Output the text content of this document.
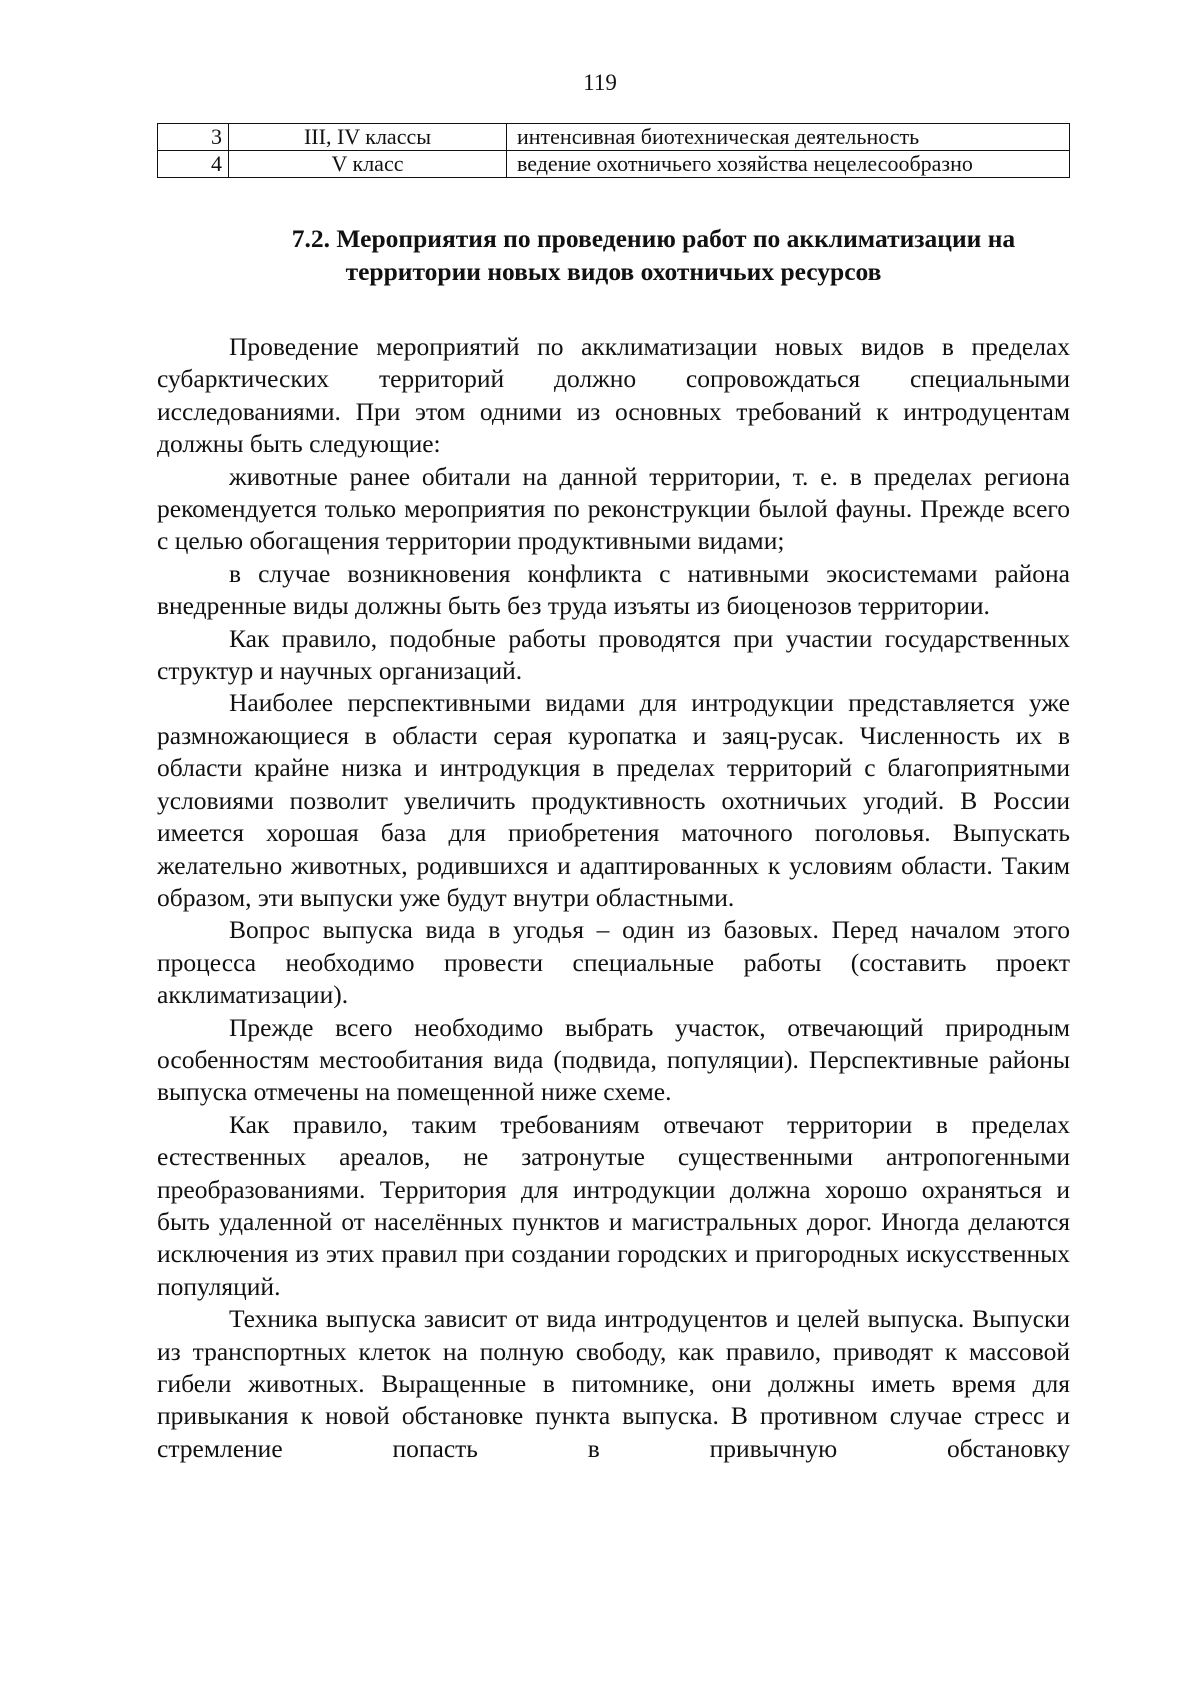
119
3	III, IV классы	интенсивная биотехническая деятельность
4	V класс	ведение охотничьего хозяйства нецелесообразно
7.2. Мероприятия по проведению работ по акклиматизации на
территории новых видов охотничьих ресурсов

Проведение мероприятий по акклиматизации новых видов в пределах субарктических территорий должно сопровождаться специальными исследованиями. При этом одними из основных требований к интродуцентам должны быть следующие:

животные ранее обитали на данной территории, т. е. в пределах региона рекомендуется только мероприятия по реконструкции былой фауны. Прежде всего с целью обогащения территории продуктивными видами;

в случае возникновения конфликта с нативными экосистемами района внедренные виды должны быть без труда изъяты из биоценозов территории.

Как правило, подобные работы проводятся при участии государственных структур и научных организаций.

Наиболее перспективными видами для интродукции представляется уже размножающиеся в области серая куропатка и заяц-русак. Численность их в области крайне низка и интродукция в пределах территорий с благоприятными условиями позволит увеличить продуктивность охотничьих угодий. В России имеется хорошая база для приобретения маточного поголовья. Выпускать желательно животных, родившихся и адаптированных к условиям области. Таким образом, эти выпуски уже будут внутри областными.

Вопрос выпуска вида в угодья – один из базовых. Перед началом этого процесса необходимо провести специальные работы (составить проект акклиматизации).

Прежде всего необходимо выбрать участок, отвечающий природным особенностям местообитания вида (подвида, популяции). Перспективные районы выпуска отмечены на помещенной ниже схеме.

Как правило, таким требованиям отвечают территории в пределах естественных ареалов, не затронутые существенными антропогенными преобразованиями. Территория для интродукции должна хорошо охраняться и быть удаленной от населённых пунктов и магистральных дорог. Иногда делаются исключения из этих правил при создании городских и пригородных искусственных популяций.

Техника выпуска зависит от вида интродуцентов и целей выпуска. Выпуски из транспортных клеток на полную свободу, как правило, приводят к массовой гибели животных. Выращенные в питомнике, они должны иметь время для привыкания к новой обстановке пункта выпуска. В противном случае стресс и стремление попасть в привычную обстановку
